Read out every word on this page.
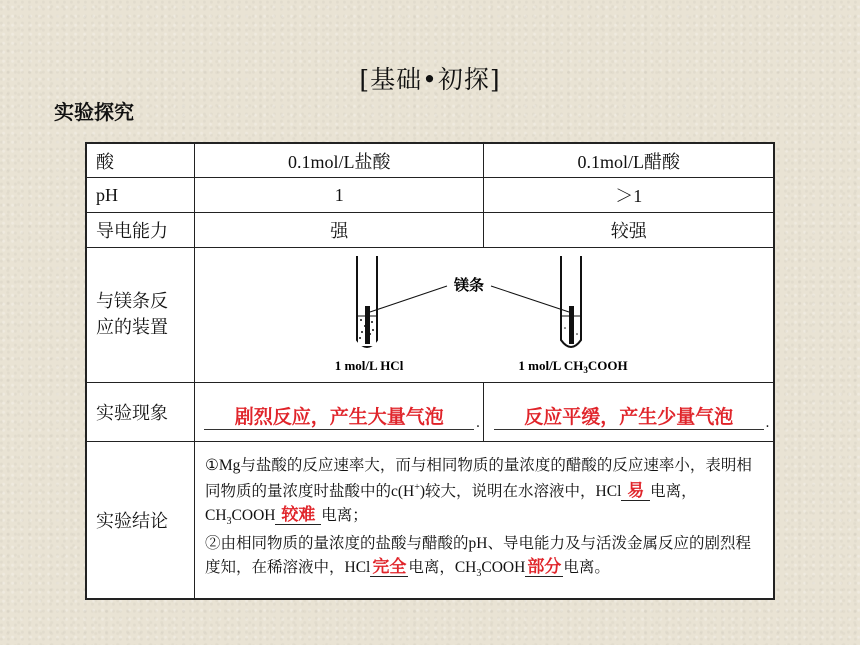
[基础•初探]
实验探究
酸	0.1mol/L盐酸	0.1mol/L醋酸
pH	1	＞1
导电能力	强	较强
与镁条反应的装置	镁条
1 mol/L HCl 1 mol/L $CH_3COOH$	

实验现象	剧烈反应，产生大量气泡 .	反应平缓，产生少量气泡 .

实验结论	①Mg与盐酸的反应速率大，而与相同物质的量浓度的醋酸的反应速率小，表明相同物质的量浓度时盐酸中的c(H+)较大，说明在水溶液中，HCl 易 电离，$CH_3COOH$ 较难 电离；
②由相同物质的量浓度的盐酸与醋酸的pH、导电能力及与活泼金属反应的剧烈程度知，在稀溶液中，HCl 完全 电离，$CH_3COOH$ 部分 电离。	
